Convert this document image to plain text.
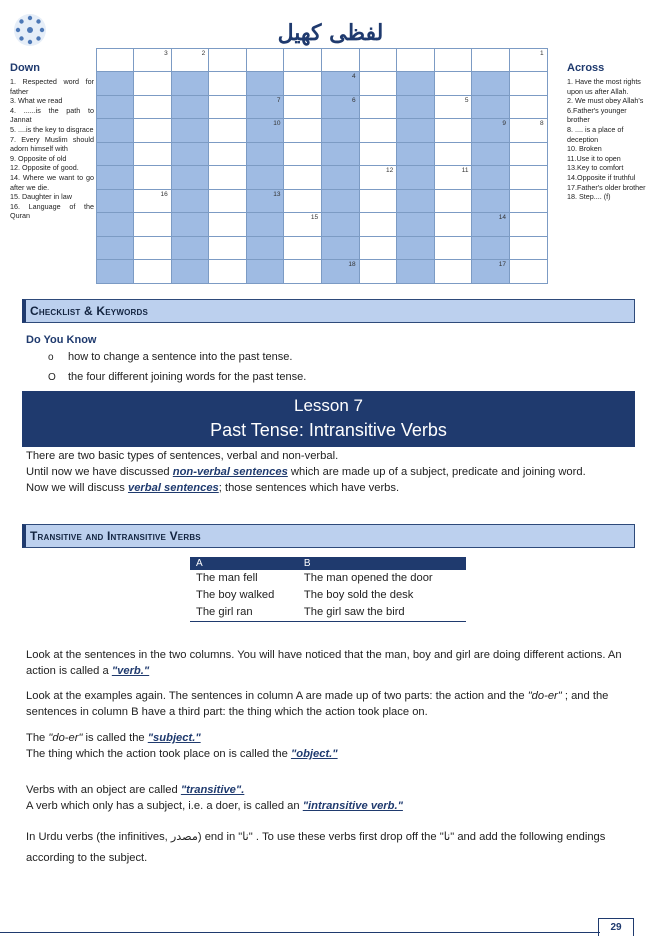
لفظی کھیل
Down
1. Respected word for father
3. What we read
4. ......is the path to Jannat
5. ....is the key to disgrace
7. Every Muslim should adorn himself with
9. Opposite of old
12. Opposite of good.
14. Where we want to go after we die.
15. Daughter in law
16. Language of the Quran
3	2	1
4
7	6	5
10	9	8
12	11
16	13
15	14
18	17
Across
1. Have the most rights upon us after Allah.
2. We must obey Allah's
6.Father's younger brother
8. .... is a place of deception
10. Broken
11.Use it to open
13.Key to comfort
14.Opposite if truthful
17.Father's older brother
18. Step.... (f)
Checklist & Keywords
Do You Know
o how to change a sentence into the past tense.
O the four different joining words for the past tense.
Lesson 7
Past Tense: Intransitive Verbs
There are two basic types of sentences, verbal and non-verbal.
Until now we have discussed non-verbal sentences which are made up of a subject, predicate and joining word.
Now we will discuss verbal sentences; those sentences which have verbs.
Transitive and Intransitive Verbs
A	B
The man fell	The man opened the door
The boy walked	The boy sold the desk
The girl ran	The girl saw the bird
Look at the sentences in the two columns. You will have noticed that the man, boy and girl are doing different actions. An action is called a "verb."
Look at the examples again. The sentences in column A are made up of two parts: the action and the "do-er" ; and the sentences in column B have a third part: the thing which the action took place on.
The "do-er" is called the "subject."
The thing which the action took place on is called the "object."
Verbs with an object are called "transitive".
A verb which only has a subject, i.e. a doer, is called an "intransitive verb."
In Urdu verbs (the infinitives, مصدر) end in "نا" . To use these verbs first drop off the "نا" and add the following endings according to the subject.
29
